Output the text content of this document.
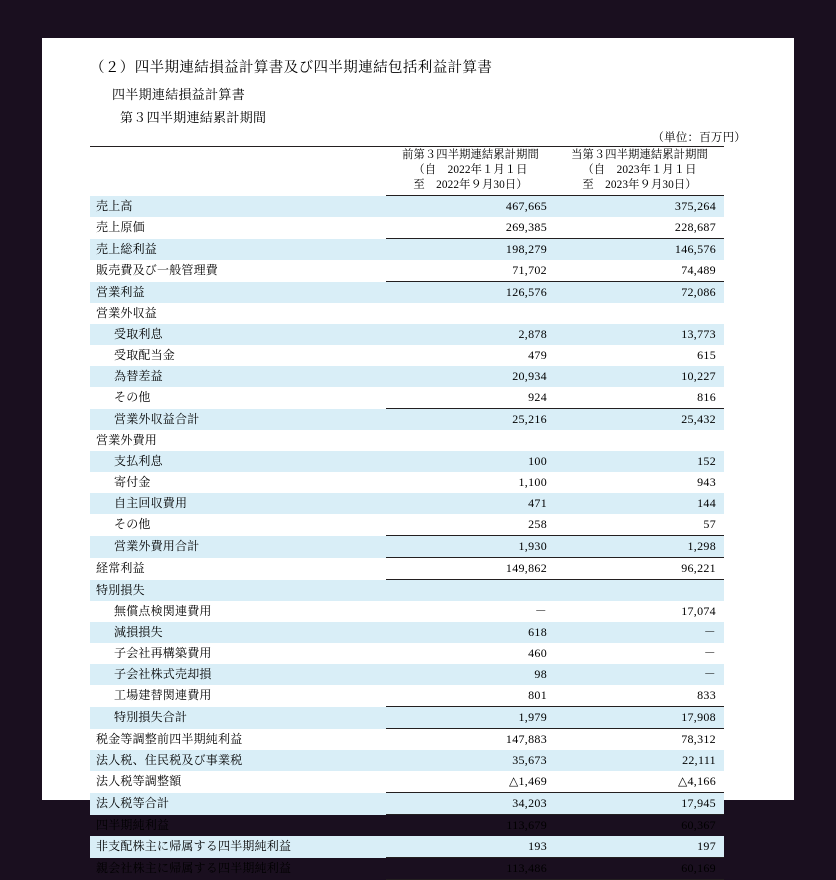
（２）四半期連結損益計算書及び四半期連結包括利益計算書
四半期連結損益計算書
第３四半期連結累計期間
（単位：百万円）

前第３四半期連結累計期間
（自　2022年１月１日
至　2022年９月30日）

当第３四半期連結累計期間
（自　2023年１月１日
至　2023年９月30日）

売上高	467,665	375,264
売上原価	269,385	228,687
売上総利益	198,279	146,576
販売費及び一般管理費	71,702	74,489
営業利益	126,576	72,086
営業外収益		
受取利息	2,878	13,773
受取配当金	479	615
為替差益	20,934	10,227
その他	924	816
営業外収益合計	25,216	25,432
営業外費用		
支払利息	100	152
寄付金	1,100	943
自主回収費用	471	144
その他	258	57
営業外費用合計	1,930	1,298
経常利益	149,862	96,221
特別損失		
無償点検関連費用	－	17,074
減損損失	618	－
子会社再構築費用	460	－
子会社株式売却損	98	－
工場建替関連費用	801	833
特別損失合計	1,979	17,908
税金等調整前四半期純利益	147,883	78,312
法人税、住民税及び事業税	35,673	22,111
法人税等調整額	△1,469	△4,166
法人税等合計	34,203	17,945
四半期純利益	113,679	60,367
非支配株主に帰属する四半期純利益	193	197
親会社株主に帰属する四半期純利益	113,486	60,169
